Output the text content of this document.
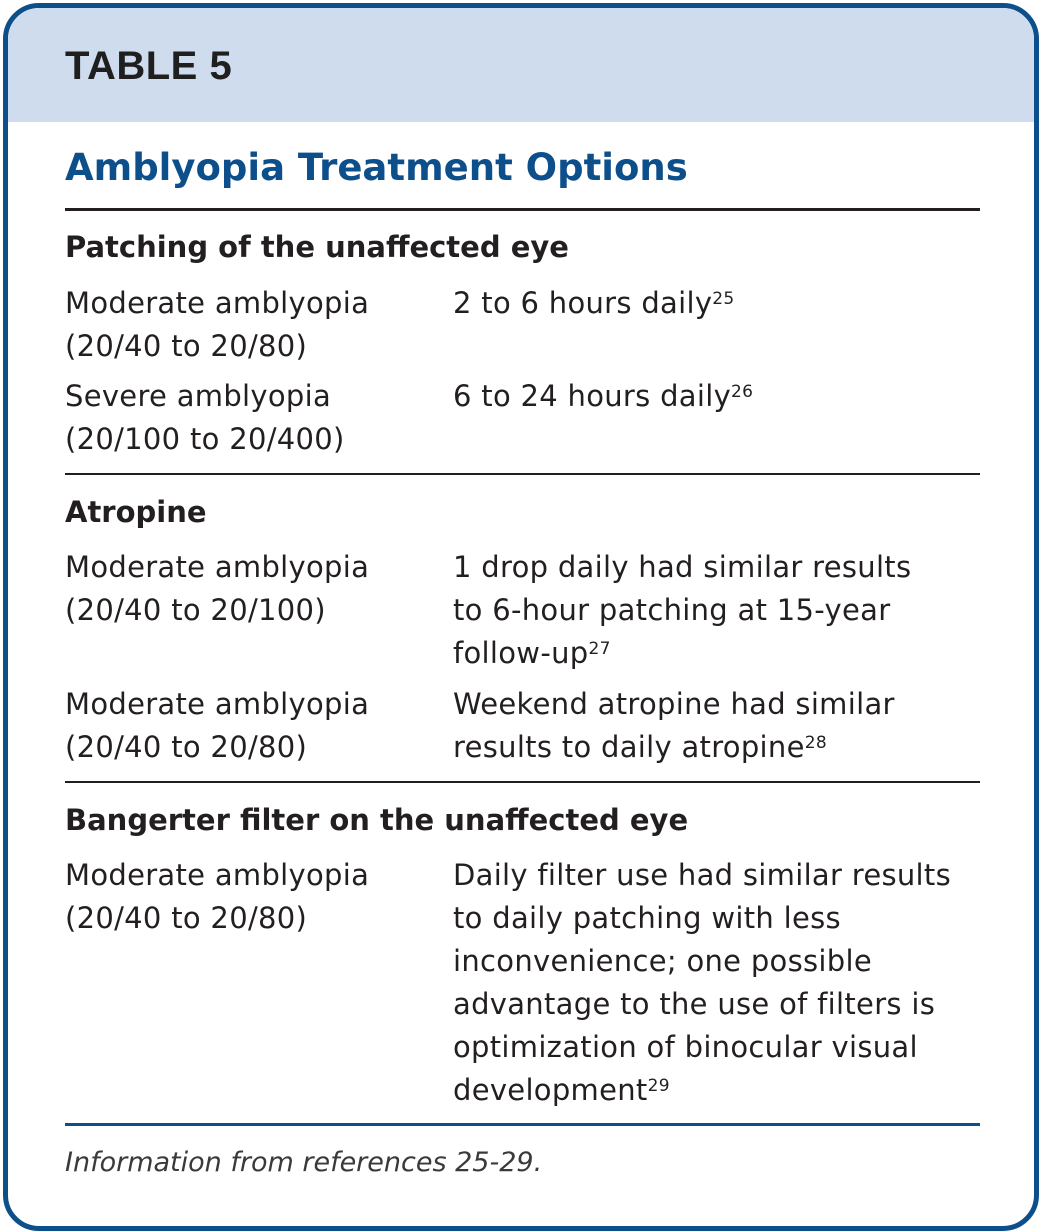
TABLE 5
Amblyopia Treatment Options
Patching of the unaffected eye
Moderate amblyopia
(20/40 to 20/80)
2 to 6 hours daily$^{25}$
Severe amblyopia
(20/100 to 20/400)
6 to 24 hours daily$^{26}$
Atropine
Moderate amblyopia
(20/40 to 20/100)
1 drop daily had similar results
to 6-hour patching at 15-year
follow-$up^{27}$
Moderate amblyopia
(20/40 to 20/80)
Weekend atropine had similar
results to daily atropine$^{28}$
Bangerter filter on the unaffected eye
Moderate amblyopia
(20/40 to 20/80)
Daily filter use had similar results
to daily patching with less
inconvenience; one possible
advantage to the use of filters is
optimization of binocular visual
development$^{29}$
Information from references 25-29.
